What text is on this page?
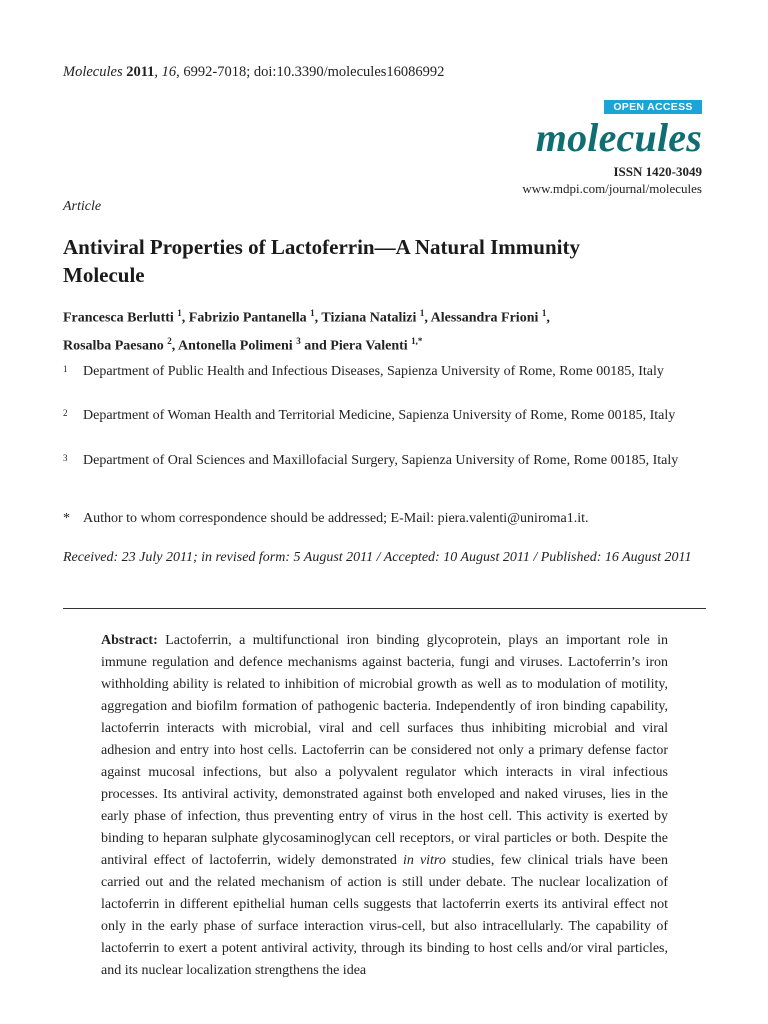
Molecules 2011, 16, 6992-7018; doi:10.3390/molecules16086992
OPEN ACCESS
molecules
ISSN 1420-3049
www.mdpi.com/journal/molecules
Article
Antiviral Properties of Lactoferrin—A Natural Immunity Molecule
Francesca Berlutti $^1$, Fabrizio Pantanella $^1$, Tiziana Natalizi $^1$, Alessandra Frioni $^1$,
Rosalba Paesano $^2$, Antonella Polimeni $^3$ and Piera Valenti $^{1,*}$
1 Department of Public Health and Infectious Diseases, Sapienza University of Rome, Rome 00185, Italy
2 Department of Woman Health and Territorial Medicine, Sapienza University of Rome, Rome 00185, Italy
3 Department of Oral Sciences and Maxillofacial Surgery, Sapienza University of Rome, Rome 00185, Italy
* Author to whom correspondence should be addressed; E-Mail: piera.valenti@uniroma1.it.
Received: 23 July 2011; in revised form: 5 August 2011 / Accepted: 10 August 2011 / Published: 16 August 2011
Abstract: Lactoferrin, a multifunctional iron binding glycoprotein, plays an important role in immune regulation and defence mechanisms against bacteria, fungi and viruses. Lactoferrin’s iron withholding ability is related to inhibition of microbial growth as well as to modulation of motility, aggregation and biofilm formation of pathogenic bacteria. Independently of iron binding capability, lactoferrin interacts with microbial, viral and cell surfaces thus inhibiting microbial and viral adhesion and entry into host cells. Lactoferrin can be considered not only a primary defense factor against mucosal infections, but also a polyvalent regulator which interacts in viral infectious processes. Its antiviral activity, demonstrated against both enveloped and naked viruses, lies in the early phase of infection, thus preventing entry of virus in the host cell. This activity is exerted by binding to heparan sulphate glycosaminoglycan cell receptors, or viral particles or both. Despite the antiviral effect of lactoferrin, widely demonstrated in vitro studies, few clinical trials have been carried out and the related mechanism of action is still under debate. The nuclear localization of lactoferrin in different epithelial human cells suggests that lactoferrin exerts its antiviral effect not only in the early phase of surface interaction virus-cell, but also intracellularly. The capability of lactoferrin to exert a potent antiviral activity, through its binding to host cells and/or viral particles, and its nuclear localization strengthens the idea
